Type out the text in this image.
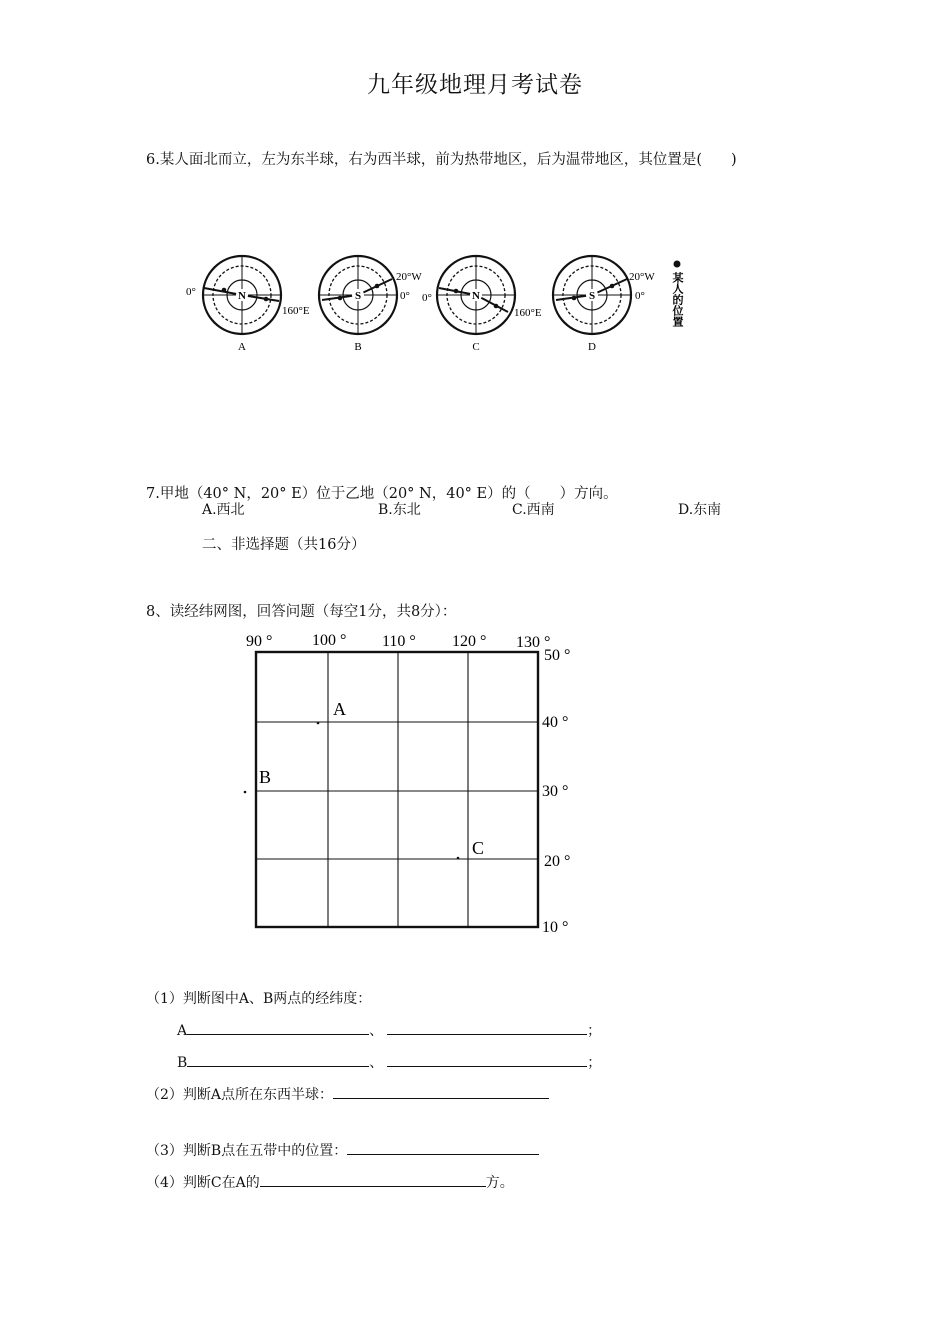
九年级地理月考试卷
6.某人面北而立，左为东半球，右为西半球，前为热带地区，后为温带地区，其位置是(　　)
N
0°
160°E
A
S
20°W
0°
B
N
0°
160°E
C
S
20°W
0°
D
某人的位置
7.甲地（40° N，20° E）位于乙地（20° N，40° E）的（　　）方向。
A.西北	B.东北	C.西南	D.东南
二、非选择题（共16分）
8、读经纬网图，回答问题（每空1分，共8分）：
90 ° 100 ° 110 ° 120 ° 130 °
50 °
40 °
30 °
20 °
10 °
A
B
C
（1）判断图中A、B两点的经纬度：
A	、	；
B	、	；
（2）判断A点所在东西半球：
（3）判断B点在五带中的位置：
（4）判断C在A的	方。
